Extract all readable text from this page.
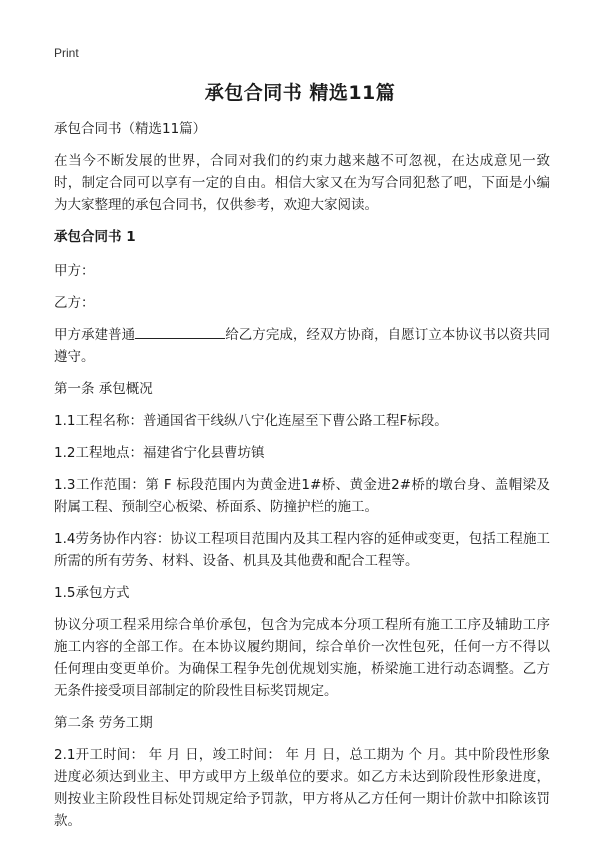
Print
承包合同书 精选11篇

承包合同书（精选11篇）

在当今不断发展的世界，合同对我们的约束力越来越不可忽视，在达成意见一致时，制定合同可以享有一定的自由。相信大家又在为写合同犯愁了吧，下面是小编为大家整理的承包合同书，仅供参考，欢迎大家阅读。

承包合同书 1

甲方：

乙方：

甲方承建普通	给乙方完成，经双方协商，自愿订立本协议书以资共同遵守。

第一条 承包概况

1.1工程名称：普通国省干线纵八宁化连屋至下曹公路工程F标段。

1.2工程地点：福建省宁化县曹坊镇

1.3工作范围：第 F 标段范围内为黄金进1#桥、黄金进2#桥的墩台身、盖帽梁及附属工程、预制空心板梁、桥面系、防撞护栏的施工。

1.4劳务协作内容：协议工程项目范围内及其工程内容的延伸或变更，包括工程施工所需的所有劳务、材料、设备、机具及其他费和配合工程等。

1.5承包方式

协议分项工程采用综合单价承包，包含为完成本分项工程所有施工工序及辅助工序施工内容的全部工作。在本协议履约期间，综合单价一次性包死，任何一方不得以任何理由变更单价。为确保工程争先创优规划实施，桥梁施工进行动态调整。乙方无条件接受项目部制定的阶段性目标奖罚规定。

第二条 劳务工期

2.1开工时间： 年 月 日，竣工时间： 年 月 日，总工期为 个 月。其中阶段性形象进度必须达到业主、甲方或甲方上级单位的要求。如乙方未达到阶段性形象进度，则按业主阶段性目标处罚规定给予罚款，甲方将从乙方任何一期计价款中扣除该罚款。
